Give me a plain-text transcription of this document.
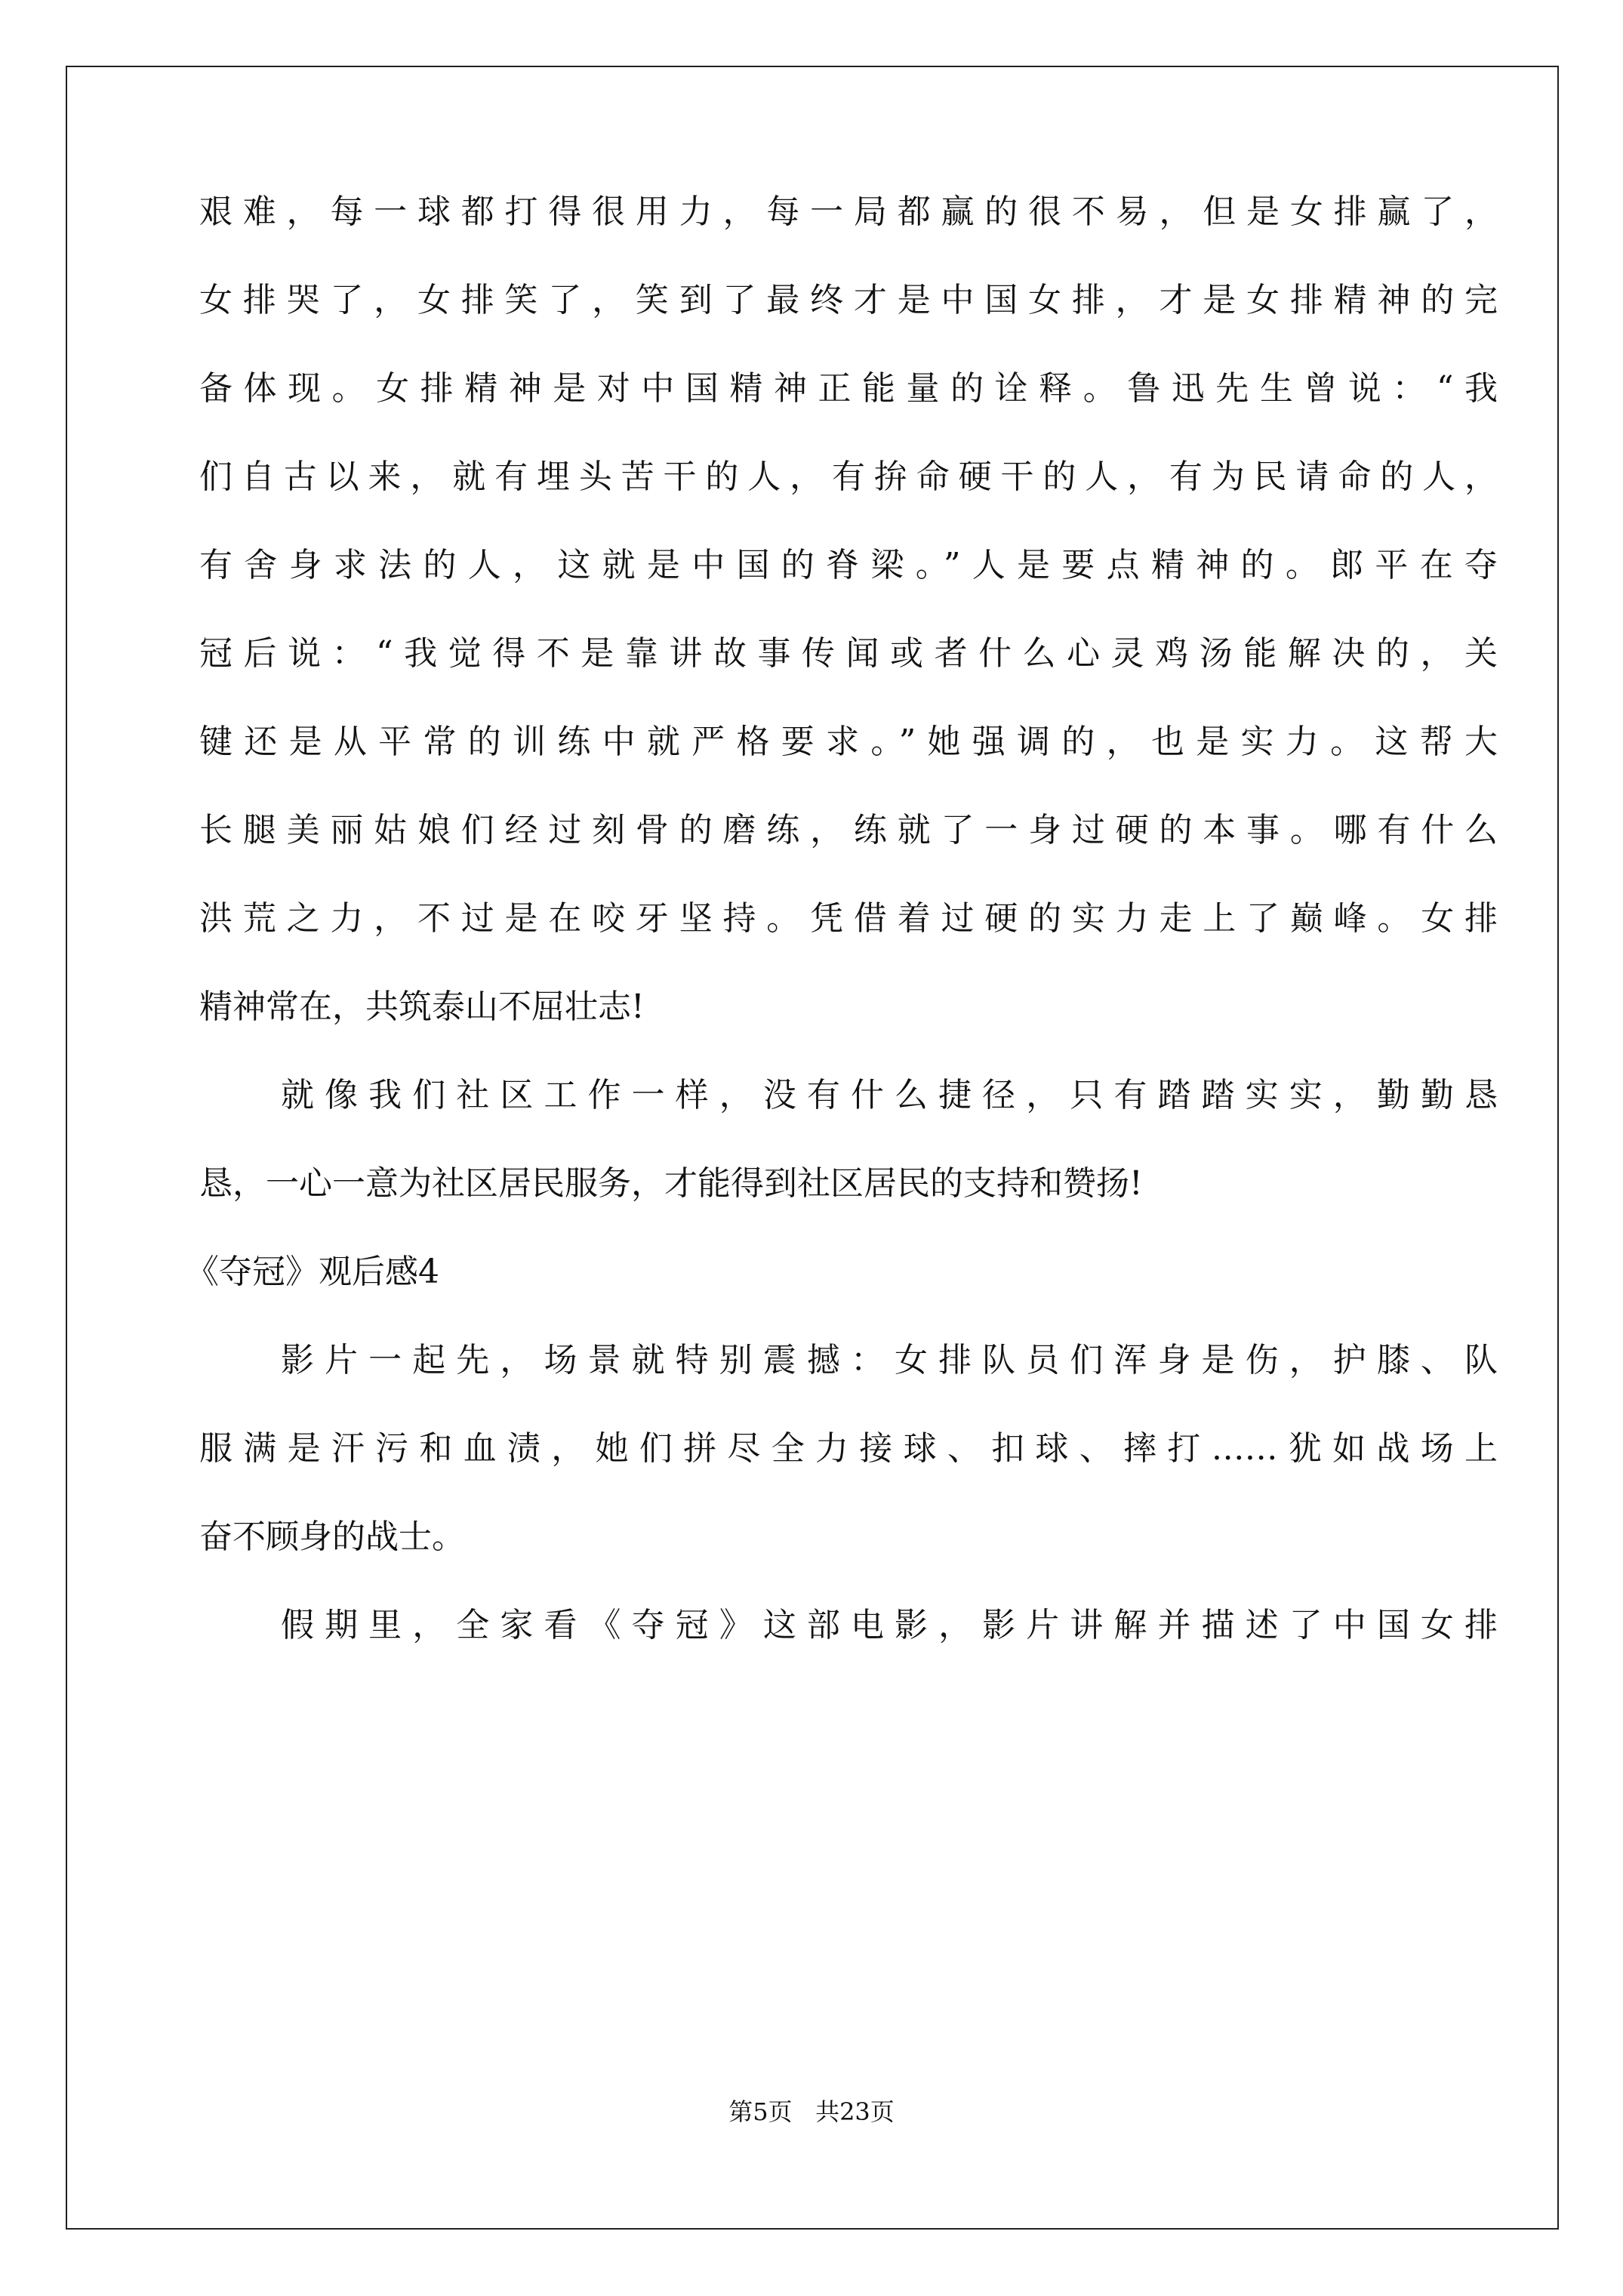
艰难，每一球都打得很用力，每一局都赢的很不易，但是女排赢了，
女排哭了，女排笑了，笑到了最终才是中国女排，才是女排精神的完
备体现。女排精神是对中国精神正能量的诠释。鲁迅先生曾说：“我
们自古以来，就有埋头苦干的人，有拚命硬干的人，有为民请命的人，
有舍身求法的人，这就是中国的脊梁。”人是要点精神的。郎平在夺
冠后说：“我觉得不是靠讲故事传闻或者什么心灵鸡汤能解决的，关
键还是从平常的训练中就严格要求。”她强调的，也是实力。这帮大
长腿美丽姑娘们经过刻骨的磨练，练就了一身过硬的本事。哪有什么
洪荒之力，不过是在咬牙坚持。凭借着过硬的实力走上了巅峰。女排
精神常在，共筑泰山不屈壮志!
就像我们社区工作一样，没有什么捷径，只有踏踏实实，勤勤恳
恳，一心一意为社区居民服务，才能得到社区居民的支持和赞扬!
《夺冠》观后感4
影片一起先，场景就特别震撼：女排队员们浑身是伤，护膝、队
服满是汗污和血渍，她们拼尽全力接球、扣球、摔打……犹如战场上
奋不顾身的战士。
假期里，全家看《夺冠》这部电影，影片讲解并描述了中国女排
第5页   共23页
